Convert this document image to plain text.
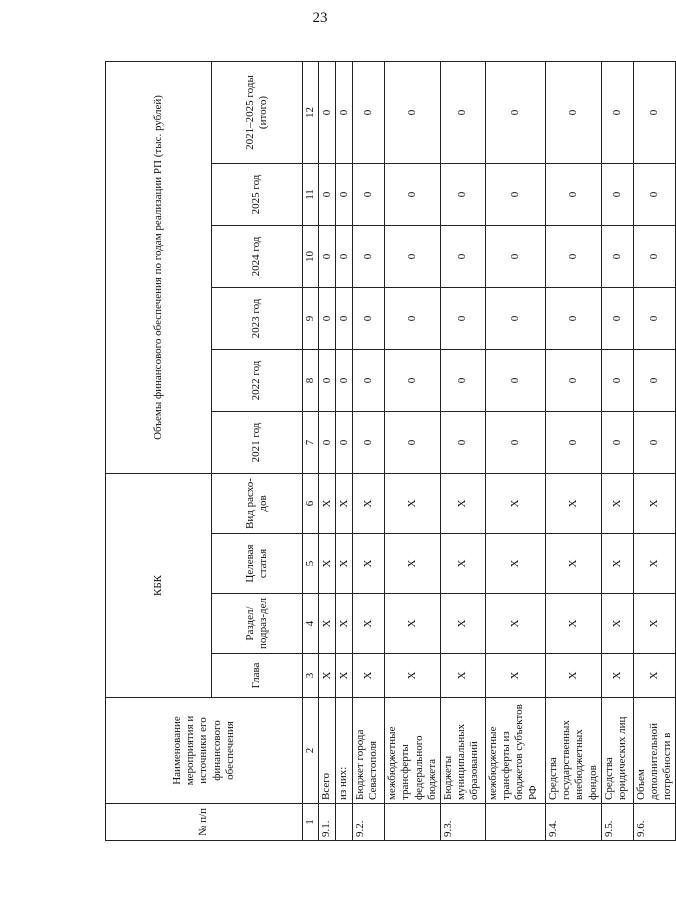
23
№ п/п	Наименование мероприятия и источники его финансового обеспечения	КБК				Объемы финансового обеспечения по годам реализации РП (тыс. рублей)					
		Глава	Раздел/ подраз-дел	Целевая статья	Вид расхо-дов	2021 год	2022 год	2023 год	2024 год	2025 год	2021–2025 годы (итого)
1	2	3	4	5	6	7	8	9	10	11	12
9.1.	Всего	X	X	X	X	0	0	0	0	0	0
	из них:	X	X	X	X	0	0	0	0	0	0
9.2.	Бюджет города Севастополя	X	X	X	X	0	0	0	0	0	0
	межбюджетные трансферты федерального бюджета	X	X	X	X	0	0	0	0	0	0
9.3.	Бюджеты муниципальных образований	X	X	X	X	0	0	0	0	0	0
	межбюджетные трансферты из бюджетов субъектов РФ	X	X	X	X	0	0	0	0	0	0
9.4.	Средства государственных внебюджетных фондов	X	X	X	X	0	0	0	0	0	0
9.5.	Средства юридических лиц	X	X	X	X	0	0	0	0	0	0
9.6.	Объем дополнительной потребности в	X	X	X	X	0	0	0	0	0	0
